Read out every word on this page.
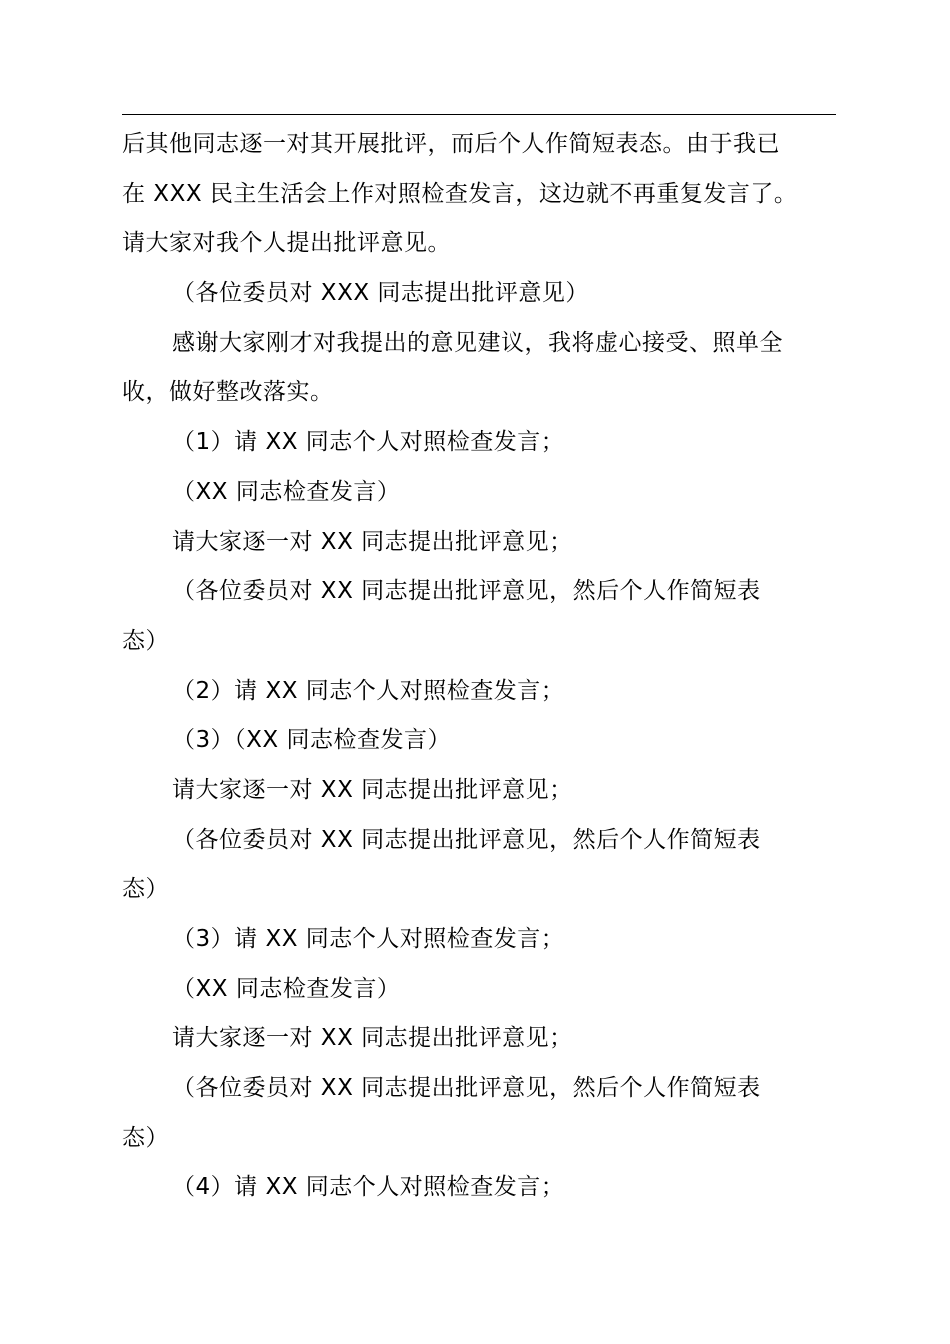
后其他同志逐一对其开展批评，而后个人作简短表态。由于我已
在 XXX 民主生活会上作对照检查发言，这边就不再重复发言了。
请大家对我个人提出批评意见。
（各位委员对 XXX 同志提出批评意见）
感谢大家刚才对我提出的意见建议，我将虚心接受、照单全
收，做好整改落实。
（1）请 XX 同志个人对照检查发言；
（XX 同志检查发言）
请大家逐一对 XX 同志提出批评意见；
（各位委员对 XX 同志提出批评意见，然后个人作简短表
态）
（2）请 XX 同志个人对照检查发言；
（3）（XX 同志检查发言）
请大家逐一对 XX 同志提出批评意见；
（各位委员对 XX 同志提出批评意见，然后个人作简短表
态）
（3）请 XX 同志个人对照检查发言；
（XX 同志检查发言）
请大家逐一对 XX 同志提出批评意见；
（各位委员对 XX 同志提出批评意见，然后个人作简短表
态）
（4）请 XX 同志个人对照检查发言；
